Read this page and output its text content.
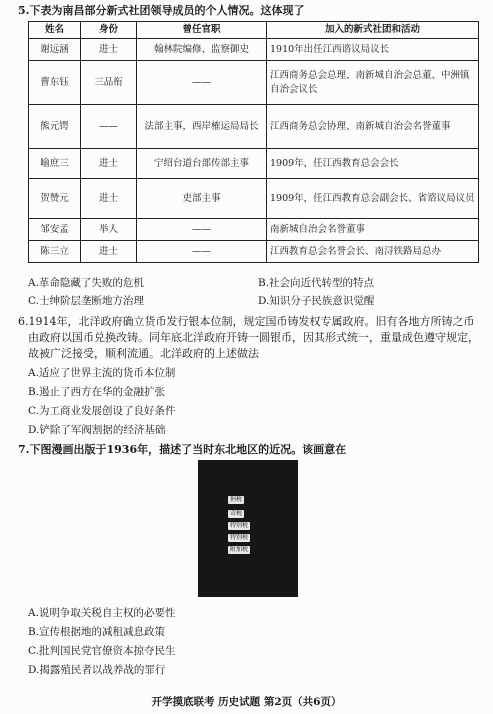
5.下表为南昌部分新式社团领导成员的个人情况。这体现了
姓名	身份	曾任官职	加入的新式社团和活动
谢远涵	进士	翰林院编修、监察御史	1910年出任江西谘议局议长
曹东钰	三品衔	——	江西商务总会总理、南新城自治会总董、中洲镇自治会议长
熊元锷	——	法部主事，西岸榷运局局长	江西商务总会协理、南新城自治会名誉董事
喻庶三	进士	宁绍台道台部传部主事	1909年，任江西教育总会会长
贺赞元	进士	吏部主事	1909年，任江西教育总会副会长、省谘议局议员
邹安孟	举人	——	南新城自治会名誉董事
陈三立	进士	——	江西教育总会名誉会长、南浔铁路局总办
A.革命隐藏了失败的危机	B.社会向近代转型的特点
C.士绅阶层垄断地方治理	D.知识分子民族意识觉醒
6.1914年，北洋政府确立货币发行银本位制，规定国币铸发权专属政府。旧有各地方所铸之币
由政府以国币兑换改铸。同年底北洋政府开铸一圆银币，因其形式统一，重量成色遵守规定，
故被广泛接受，顺利流通。北洋政府的上述做法
A.适应了世界主流的货币本位制
B.遏止了西方在华的金融扩张
C.为工商业发展创设了良好条件
D.铲除了军阀割据的经济基础
7.下图漫画出版于1936年，描述了当时东北地区的近况。该画意在
捐税
苛税
特别税
特别税
附加税
A.说明争取关税自主权的必要性
B.宣传根据地的减租减息政策
C.批判国民党官僚资本掠夺民生
D.揭露殖民者以战养战的罪行
开学摸底联考 历史试题 第2页（共6页）
